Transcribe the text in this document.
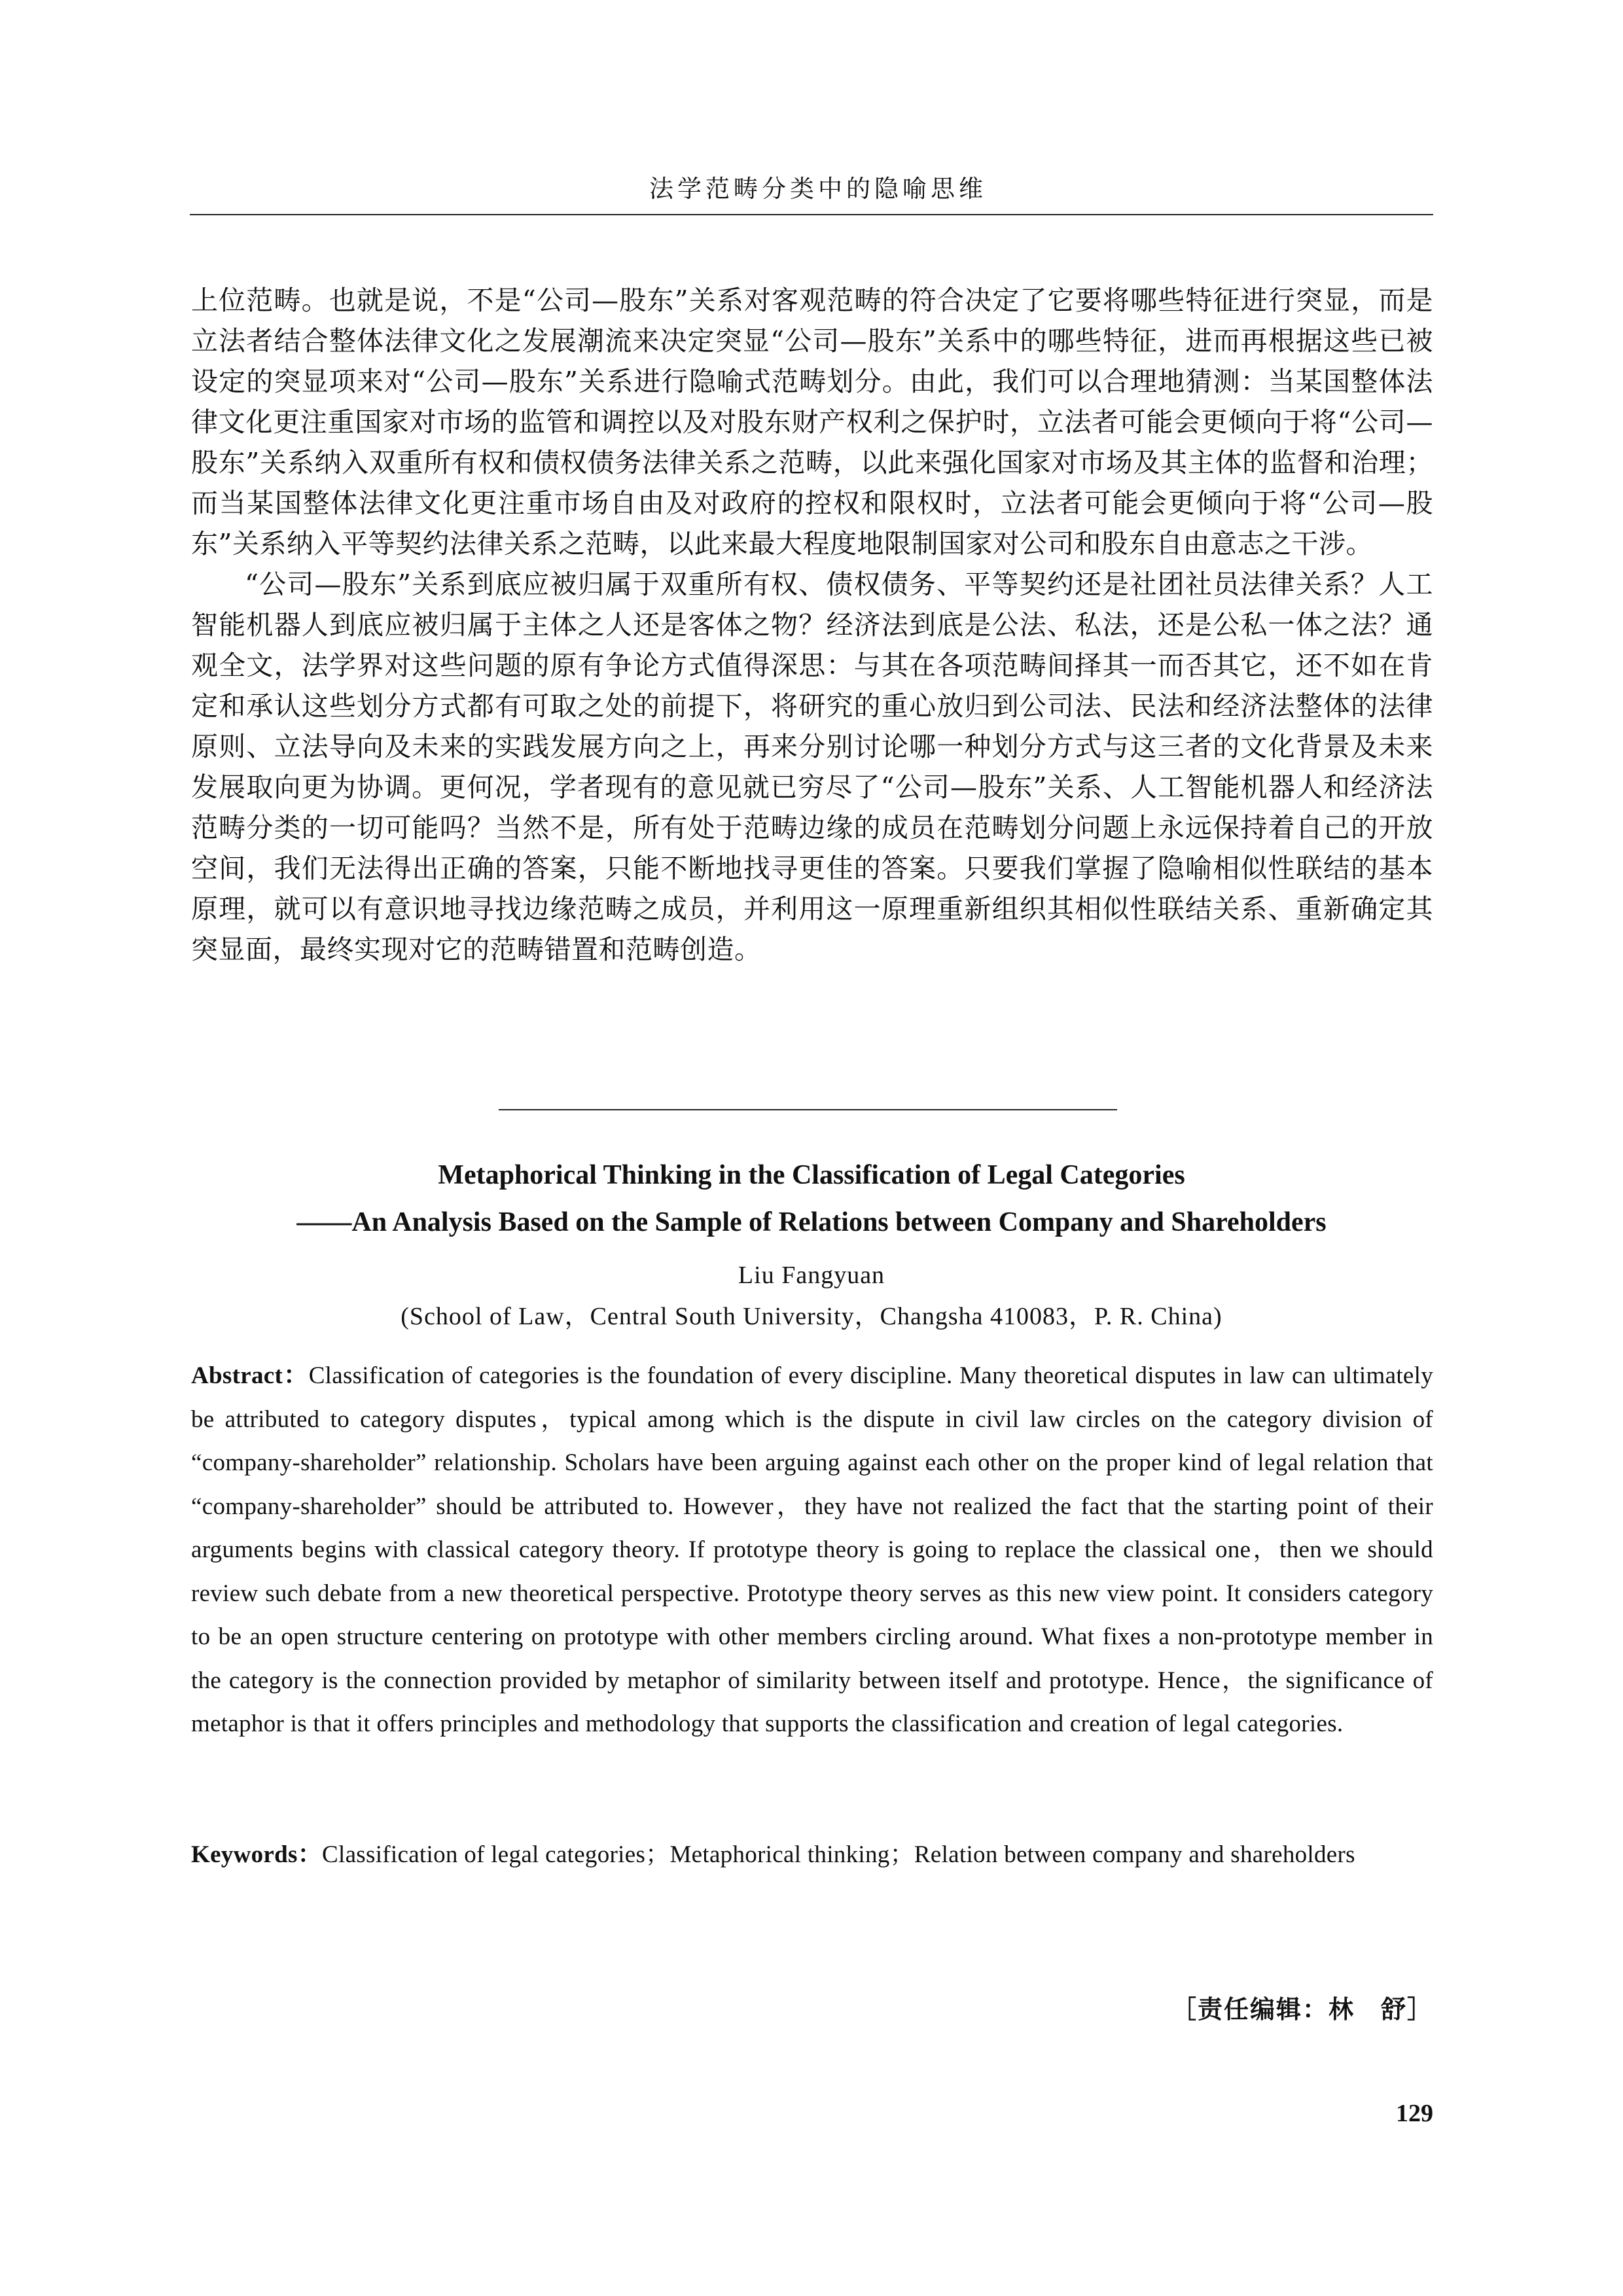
法学范畴分类中的隐喻思维

上位范畴。也就是说，不是“公司—股东”关系对客观范畴的符合决定了它要将哪些特征进行突显，而是立法者结合整体法律文化之发展潮流来决定突显“公司—股东”关系中的哪些特征，进而再根据这些已被设定的突显项来对“公司—股东”关系进行隐喻式范畴划分。由此，我们可以合理地猜测：当某国整体法律文化更注重国家对市场的监管和调控以及对股东财产权利之保护时，立法者可能会更倾向于将“公司—股东”关系纳入双重所有权和债权债务法律关系之范畴，以此来强化国家对市场及其主体的监督和治理；而当某国整体法律文化更注重市场自由及对政府的控权和限权时，立法者可能会更倾向于将“公司—股东”关系纳入平等契约法律关系之范畴，以此来最大程度地限制国家对公司和股东自由意志之干涉。

“公司—股东”关系到底应被归属于双重所有权、债权债务、平等契约还是社团社员法律关系？人工智能机器人到底应被归属于主体之人还是客体之物？经济法到底是公法、私法，还是公私一体之法？通观全文，法学界对这些问题的原有争论方式值得深思：与其在各项范畴间择其一而否其它，还不如在肯定和承认这些划分方式都有可取之处的前提下，将研究的重心放归到公司法、民法和经济法整体的法律原则、立法导向及未来的实践发展方向之上，再来分别讨论哪一种划分方式与这三者的文化背景及未来发展取向更为协调。更何况，学者现有的意见就已穷尽了“公司—股东”关系、人工智能机器人和经济法范畴分类的一切可能吗？当然不是，所有处于范畴边缘的成员在范畴划分问题上永远保持着自己的开放空间，我们无法得出正确的答案，只能不断地找寻更佳的答案。只要我们掌握了隐喻相似性联结的基本原理，就可以有意识地寻找边缘范畴之成员，并利用这一原理重新组织其相似性联结关系、重新确定其突显面，最终实现对它的范畴错置和范畴创造。

Metaphorical Thinking in the Classification of Legal Categories
——An Analysis Based on the Sample of Relations between Company and Shareholders
Liu Fangyuan
(School of Law，Central South University，Changsha 410083，P. R. China)
Abstract：Classification of categories is the foundation of every discipline. Many theoretical disputes in law can ultimately be attributed to category disputes，typical among which is the dispute in civil law circles on the category division of “company-shareholder” relationship. Scholars have been arguing against each other on the proper kind of legal relation that “company-shareholder” should be attributed to. However，they have not realized the fact that the starting point of their arguments begins with classical category theory. If prototype theory is going to replace the classical one，then we should review such debate from a new theoretical perspective. Prototype theory serves as this new view point. It considers category to be an open structure centering on prototype with other members circling around. What fixes a non-prototype member in the category is the connection provided by metaphor of similarity between itself and prototype. Hence，the significance of metaphor is that it offers principles and methodology that supports the classification and creation of legal categories.
Keywords：Classification of legal categories；Metaphorical thinking；Relation between company and shareholders
［责任编辑：林　舒］
129
